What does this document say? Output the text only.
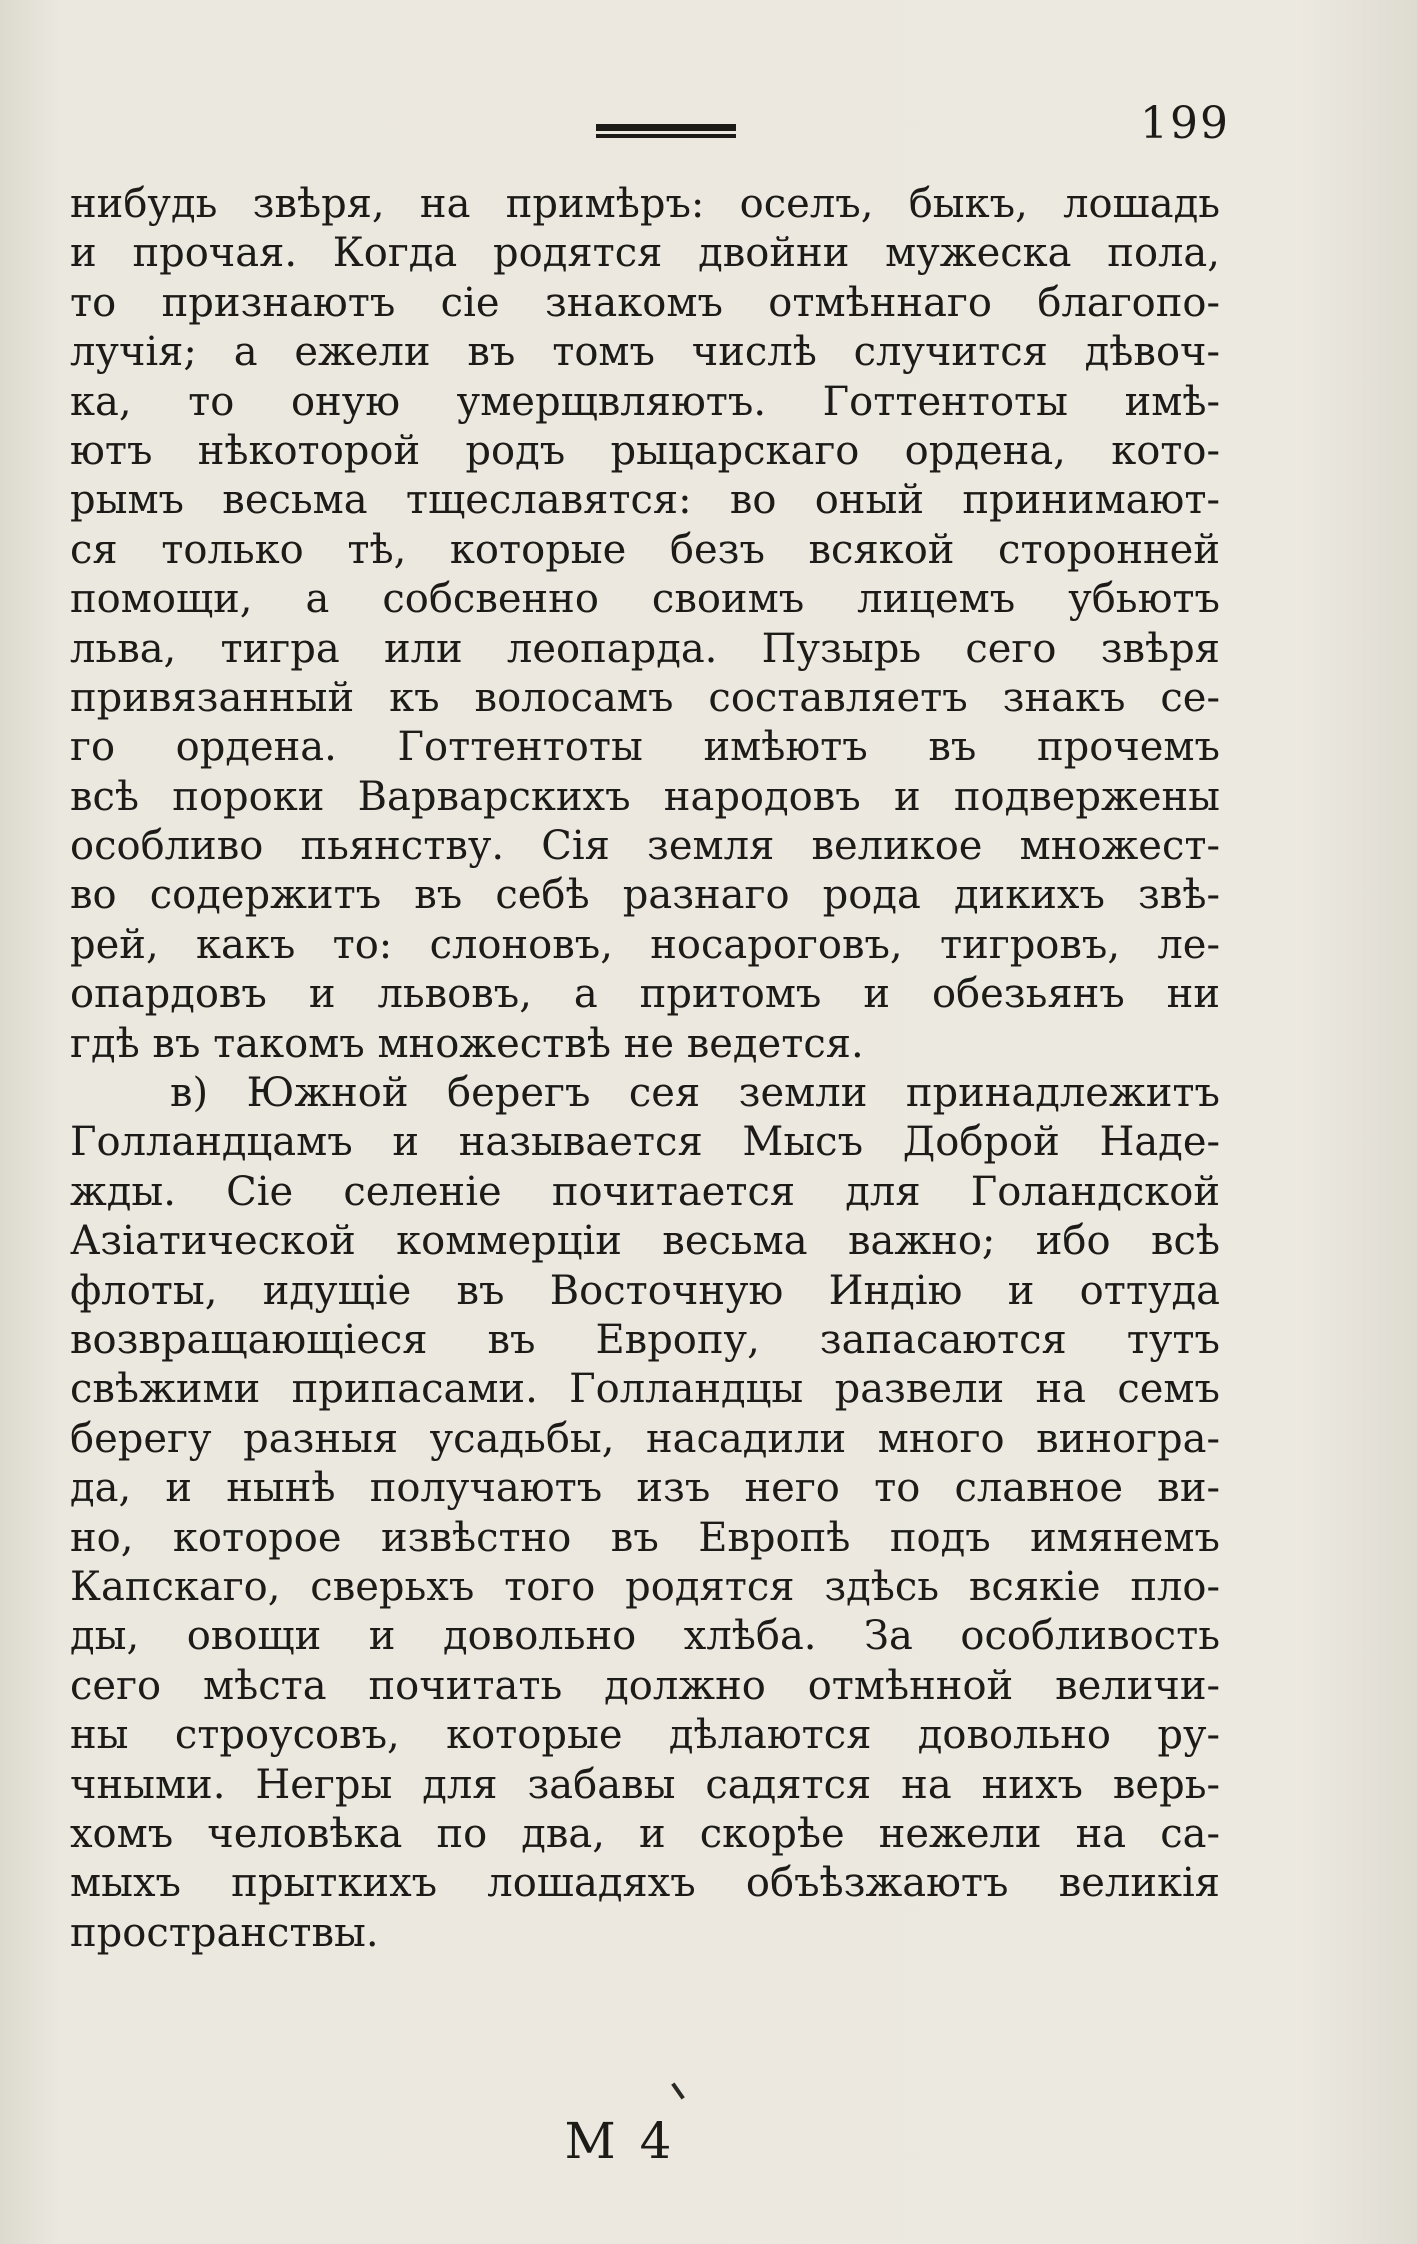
199
нибудь звѣря, на примѣръ: оселъ, быкъ, лошадь
и прочая. Когда родятся двойни мужеска пола,
то признаютъ сiе знакомъ отмѣннаго благопо-
лучiя; а ежели въ томъ числѣ случится дѣвоч-
ка, то оную умерщвляютъ. Готтентоты имѣ-
ютъ нѣкоторой родъ рыцарскаго ордена, кото-
рымъ весьма тщеславятся: во оный принимают-
ся только тѣ, которые безъ всякой сторонней
помощи, а собсвенно своимъ лицемъ убьютъ
льва, тигра или леопарда. Пузырь сего звѣря
привязанный къ волосамъ составляетъ знакъ се-
го ордена. Готтентоты имѣютъ въ прочемъ
всѣ пороки Варварскихъ народовъ и подвержены
особливо пьянству. Сiя земля великое множест-
во содержитъ въ себѣ разнаго рода дикихъ звѣ-
рей, какъ то: слоновъ, носароговъ, тигровъ, ле-
опардовъ и львовъ, а притомъ и обезьянъ ни
гдѣ въ такомъ множествѣ не ведется.
в) Южной берегъ сея земли принадлежитъ
Голландцамъ и называется Мысъ Доброй Наде-
жды. Сiе селенiе почитается для Голандской
Азiатической коммерцiи весьма важно; ибо всѣ
флоты, идущiе въ Восточную Индiю и оттуда
возвращающiеся въ Европу, запасаются тутъ
свѣжими припасами. Голландцы развели на семъ
берегу разныя усадьбы, насадили много виногра-
да, и нынѣ получаютъ изъ него то славное ви-
но, которое извѣстно въ Европѣ подъ имянемъ
Капскаго, сверьхъ того родятся здѣсь всякiе пло-
ды, овощи и довольно хлѣба. За особливость
сего мѣста почитать должно отмѣнной величи-
ны строусовъ, которые дѣлаются довольно ру-
чными. Негры для забавы садятся на нихъ верь-
хомъ человѣка по два, и скорѣе нежели на са-
мыхъ прыткихъ лошадяхъ объѣзжаютъ великiя
пространствы.
М 4
